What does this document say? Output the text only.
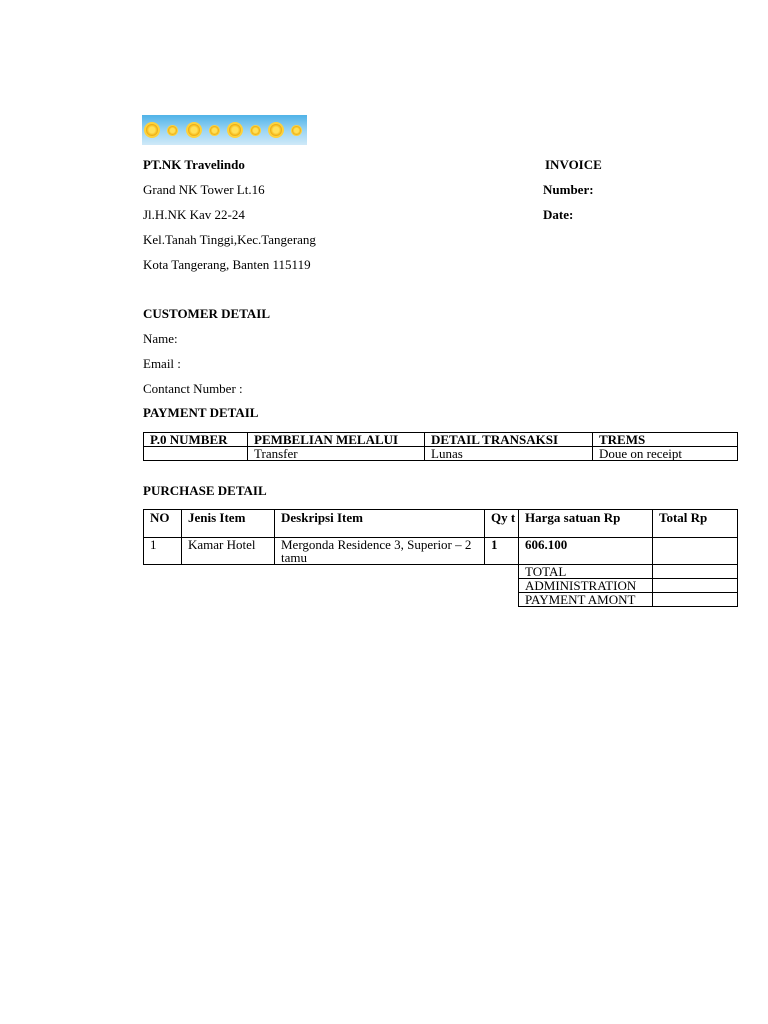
PT.NK Travelindo
Grand NK Tower Lt.16
Jl.H.NK Kav 22-24
Kel.Tanah Tinggi,Kec.Tangerang
Kota Tangerang, Banten 115119
INVOICE
Number:
Date:
CUSTOMER DETAIL
Name:
Email :
Contanct Number :
PAYMENT DETAIL
P.0 NUMBER	PEMBELIAN MELALUI	DETAIL TRANSAKSI	TREMS
	Transfer	Lunas	Doue on receipt
PURCHASE DETAIL
NO	Jenis Item	Deskripsi Item	Qy t	Harga satuan Rp	Total Rp
1	Kamar Hotel	Mergonda Residence 3, Superior – 2 tamu	1	606.100	
				TOTAL	
				ADMINISTRATION	
				PAYMENT AMONT	
